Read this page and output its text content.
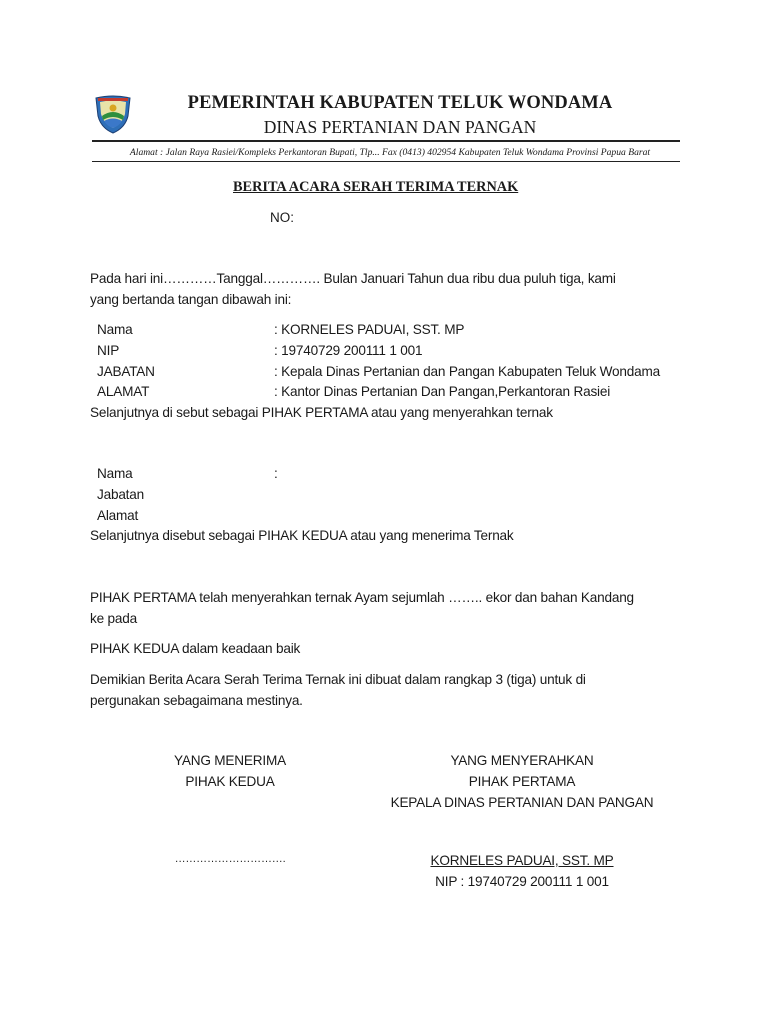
PEMERINTAH KABUPATEN TELUK WONDAMA
DINAS PERTANIAN DAN PANGAN
Alamat : Jalan Raya Rasiei/Kompleks Perkantoran Bupati, Tlp... Fax (0413) 402954 Kabupaten Teluk Wondama Provinsi Papua Barat
BERITA ACARA SERAH TERIMA TERNAK
NO:
Pada hari ini…………Tanggal…………. Bulan Januari Tahun dua ribu dua puluh tiga, kami
yang bertanda tangan dibawah ini:
Nama	: KORNELES PADUAI, SST. MP
NIP	: 19740729 200111 1 001
JABATAN	: Kepala Dinas Pertanian dan Pangan Kabupaten Teluk Wondama
ALAMAT	: Kantor Dinas Pertanian Dan Pangan,Perkantoran Rasiei
Selanjutnya di sebut sebagai PIHAK PERTAMA atau yang menyerahkan ternak
Nama	:
Jabatan
Alamat
Selanjutnya disebut sebagai PIHAK KEDUA atau yang menerima Ternak
PIHAK PERTAMA telah menyerahkan ternak Ayam sejumlah …….. ekor dan bahan Kandang
ke pada
PIHAK KEDUA dalam keadaan baik
Demikian Berita Acara Serah Terima Ternak ini dibuat dalam rangkap 3 (tiga) untuk di
pergunakan sebagaimana mestinya.
YANG MENERIMA
PIHAK KEDUA
………………………….
YANG MENYERAHKAN
PIHAK PERTAMA
KEPALA DINAS PERTANIAN DAN PANGAN
KORNELES PADUAI, SST. MP
NIP : 19740729 200111 1 001
